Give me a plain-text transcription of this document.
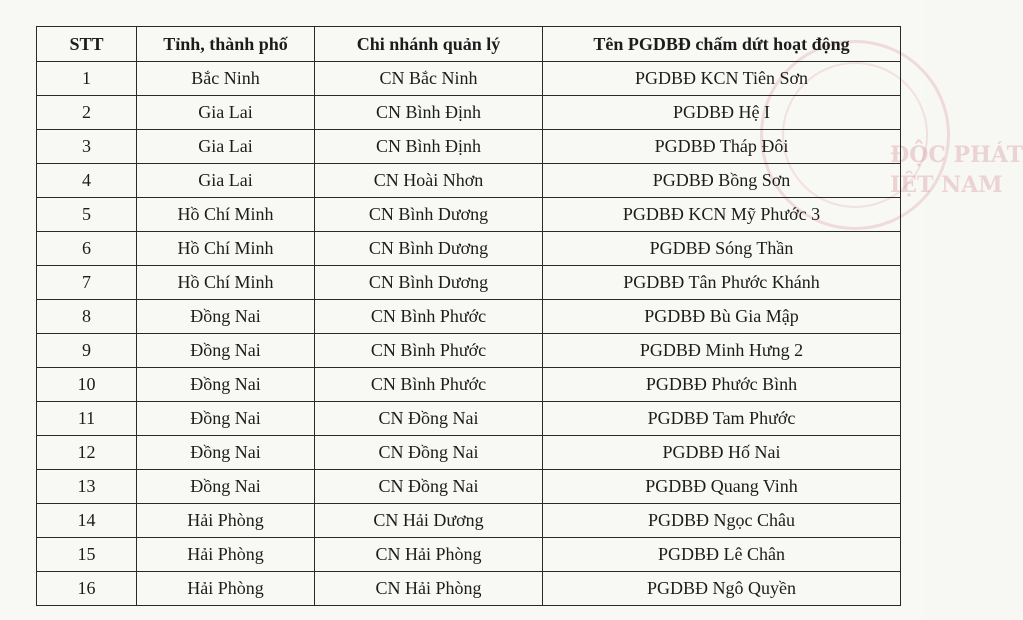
ĐỘC PHÁT
IỆT NAM
STT	Tỉnh, thành phố	Chi nhánh quản lý	Tên PGDBĐ chấm dứt hoạt động
1	Bắc Ninh	CN Bắc Ninh	PGDBĐ KCN Tiên Sơn
2	Gia Lai	CN Bình Định	PGDBĐ Hệ I
3	Gia Lai	CN Bình Định	PGDBĐ Tháp Đôi
4	Gia Lai	CN Hoài Nhơn	PGDBĐ Bồng Sơn
5	Hồ Chí Minh	CN Bình Dương	PGDBĐ KCN Mỹ Phước 3
6	Hồ Chí Minh	CN Bình Dương	PGDBĐ Sóng Thần
7	Hồ Chí Minh	CN Bình Dương	PGDBĐ Tân Phước Khánh
8	Đồng Nai	CN Bình Phước	PGDBĐ Bù Gia Mập
9	Đồng Nai	CN Bình Phước	PGDBĐ Minh Hưng 2
10	Đồng Nai	CN Bình Phước	PGDBĐ Phước Bình
11	Đồng Nai	CN Đồng Nai	PGDBĐ Tam Phước
12	Đồng Nai	CN Đồng Nai	PGDBĐ Hố Nai
13	Đồng Nai	CN Đồng Nai	PGDBĐ Quang Vinh
14	Hải Phòng	CN Hải Dương	PGDBĐ Ngọc Châu
15	Hải Phòng	CN Hải Phòng	PGDBĐ Lê Chân
16	Hải Phòng	CN Hải Phòng	PGDBĐ Ngô Quyền
